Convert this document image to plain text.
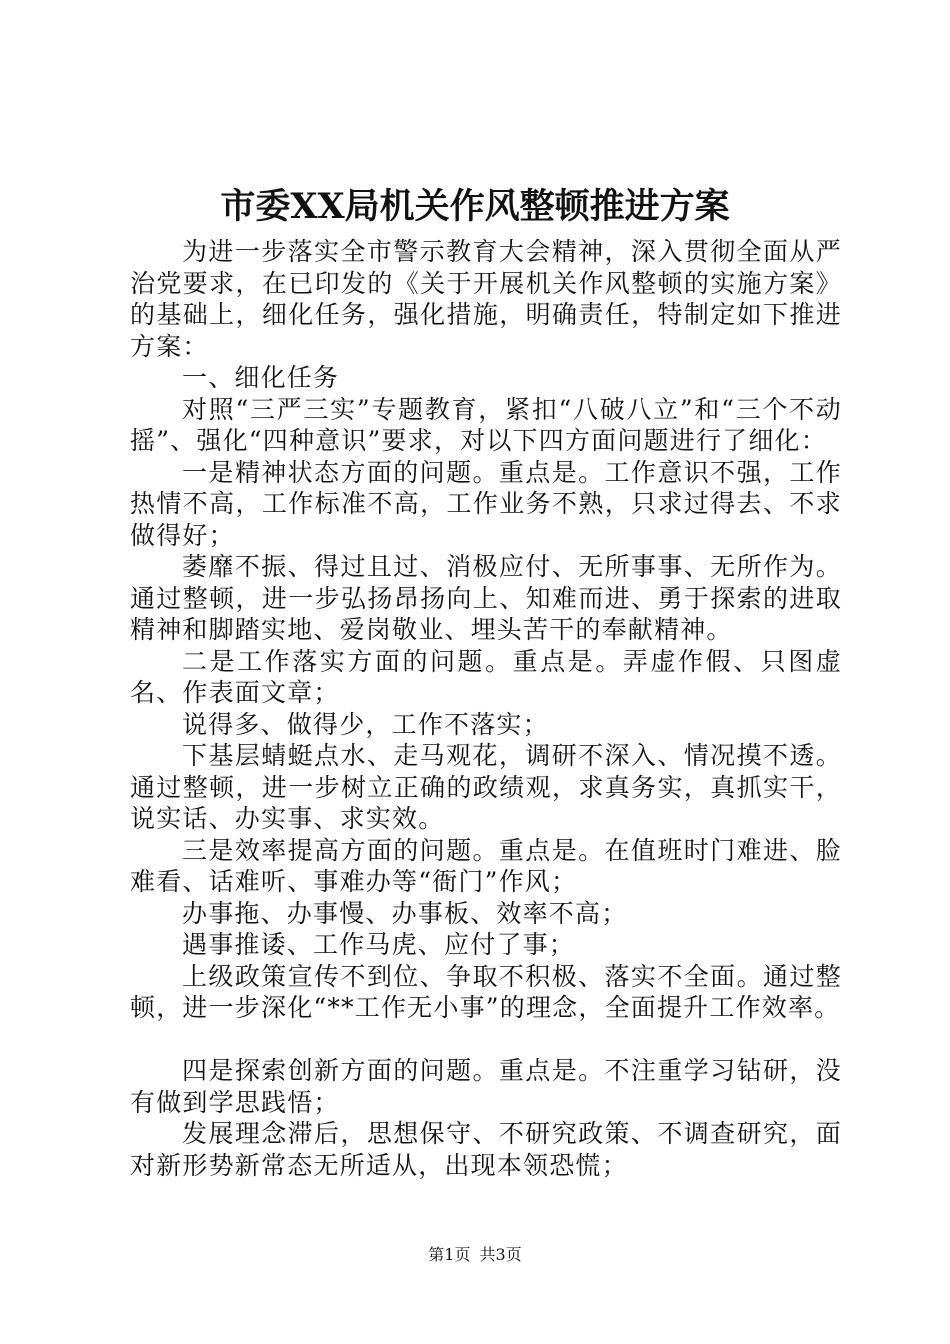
市委XX局机关作风整顿推进方案

为进一步落实全市警示教育大会精神，深入贯彻全面从严治党要求，在已印发的《关于开展机关作风整顿的实施方案》的基础上，细化任务，强化措施，明确责任，特制定如下推进方案：

一、细化任务

对照“三严三实”专题教育，紧扣“八破八立”和“三个不动摇”、强化“四种意识”要求，对以下四方面问题进行了细化：

一是精神状态方面的问题。重点是。工作意识不强，工作热情不高，工作标准不高，工作业务不熟，只求过得去、不求做得好；

萎靡不振、得过且过、消极应付、无所事事、无所作为。通过整顿，进一步弘扬昂扬向上、知难而进、勇于探索的进取精神和脚踏实地、爱岗敬业、埋头苦干的奉献精神。

二是工作落实方面的问题。重点是。弄虚作假、只图虚名、作表面文章；

说得多、做得少，工作不落实；

下基层蜻蜓点水、走马观花，调研不深入、情况摸不透。通过整顿，进一步树立正确的政绩观，求真务实，真抓实干，说实话、办实事、求实效。

三是效率提高方面的问题。重点是。在值班时门难进、脸难看、话难听、事难办等“衙门”作风；

办事拖、办事慢、办事板、效率不高；

遇事推诿、工作马虎、应付了事；

上级政策宣传不到位、争取不积极、落实不全面。通过整顿，进一步深化“**工作无小事”的理念，全面提升工作效率。

四是探索创新方面的问题。重点是。不注重学习钻研，没有做到学思践悟；

发展理念滞后，思想保守、不研究政策、不调查研究，面对新形势新常态无所适从，出现本领恐慌；

第1页 共3页
